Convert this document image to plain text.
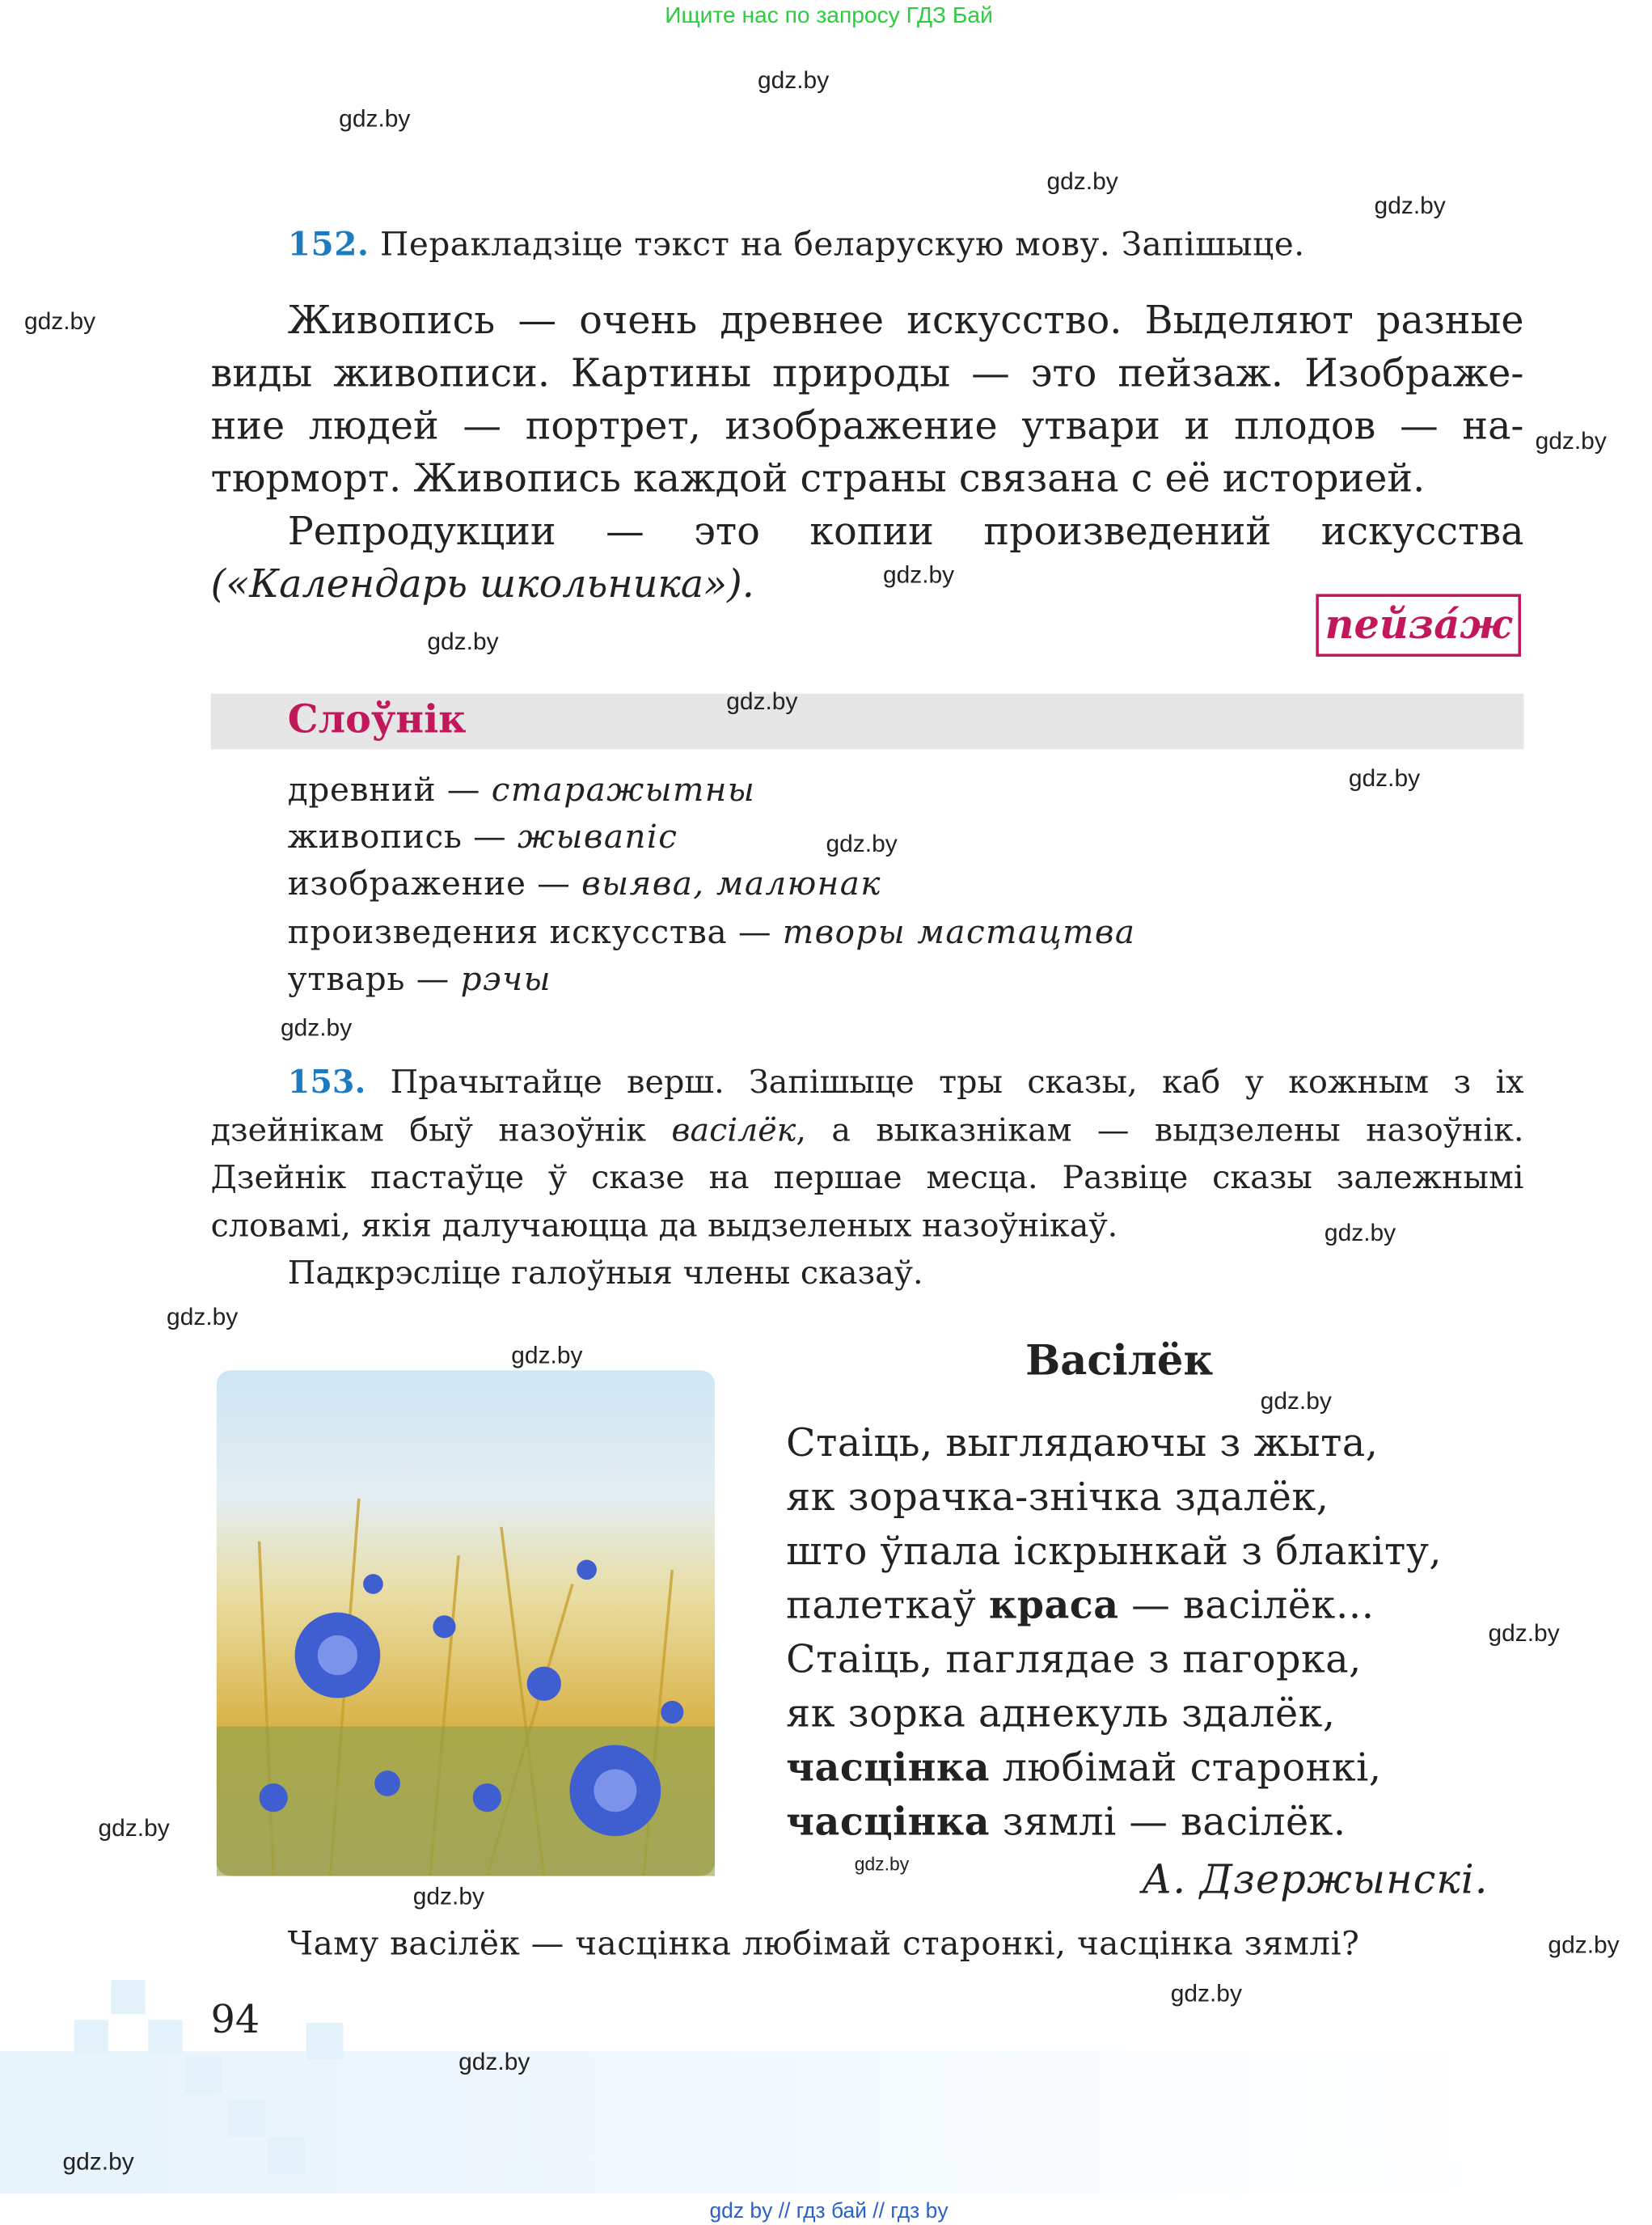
Ищите нас по запросу ГДЗ Бай
152. Перакладзіце тэкст на беларускую мову. Запішыце.
Живопись — очень древнее искусство. Выделяют разные
виды живописи. Картины природы — это пейзаж. Изображе-
ние людей — портрет, изображение утвари и плодов — на-
тюрморт. Живопись каждой страны связана с её историей.
Репродукции — это копии произведений искусства
(«Календарь школьника»).
пейза́ж
Слоўнік
древний — старажытны
живопись — жывапіс
изображение — выява, малюнак
произведения искусства — творы мастацтва
утварь — рэчы
153. Прачытайце верш. Запішыце тры сказы, каб у кожным з іх
дзейнікам быў назоўнік васілёк, а выказнікам — выдзелены назоўнік.
Дзейнік пастаўце ў сказе на першае месца. Развіце сказы залежнымі
словамі, якія далучаюцца да выдзеленых назоўнікаў.
Падкрэсліце галоўныя члены сказаў.
Васілёк
Стаіць, выглядаючы з жыта,
як зорачка-знічка здалёк,
што ўпала іскрынкай з блакіту,
палеткаў краса — васілёк…
Стаіць, паглядае з пагорка,
як зорка аднекуль здалёк,
часцінка любімай старонкі,
часцінка зямлі — васілёк.
А. Дзержынскі.
Чаму васілёк — часцінка любімай старонкі, часцінка зямлі?
94
gdz.by
gdz.by
gdz.by
gdz.by
gdz.by
gdz.by
gdz.by
gdz.by
gdz.by
gdz.by
gdz.by
gdz.by
gdz.by
gdz.by
gdz.by
gdz.by
gdz.by
gdz.by
gdz.by
gdz.by
gdz.by
gdz.by
gdz.by
gdz.by
gdz by // гдз бай // гдз by
